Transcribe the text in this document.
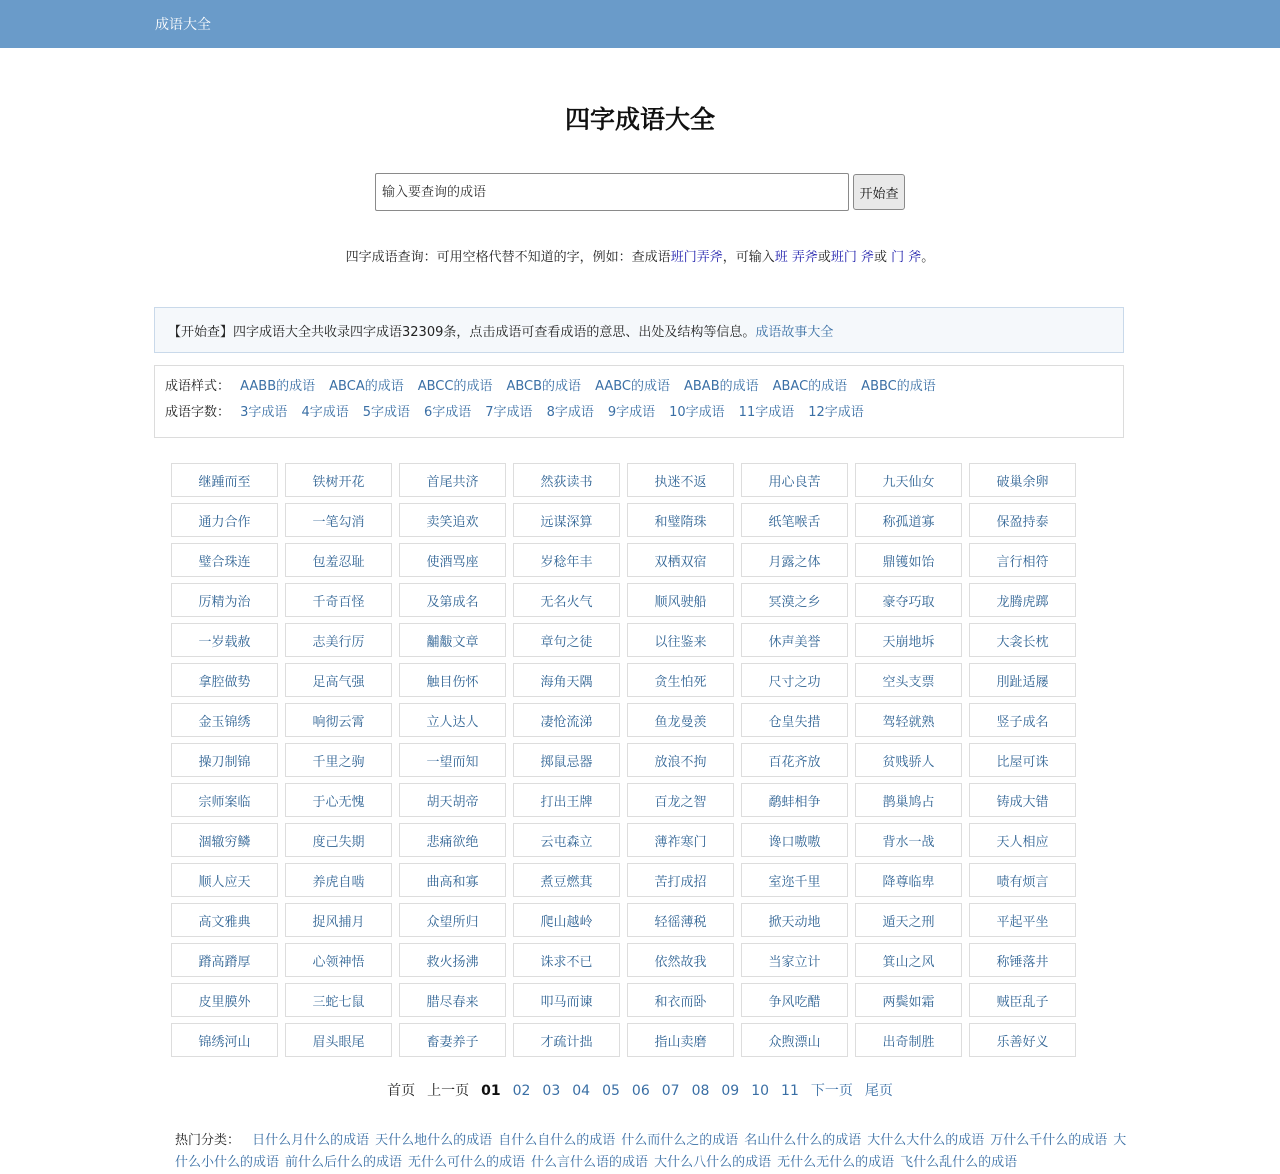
成语大全
四字成语大全
输入要查询的成语
开始查
四字成语查询：可用空格代替不知道的字，例如：查成语班门弄斧，可输入班 弄斧或班门 斧或 门 斧。
【开始查】四字成语大全共收录四字成语32309条，点击成语可查看成语的意思、出处及结构等信息。 成语故事大全
成语样式： AABB的成语 ABCA的成语 ABCC的成语 ABCB的成语 AABC的成语 ABAB的成语 ABAC的成语 ABBC的成语
成语字数： 3字成语 4字成语 5字成语 6字成语 7字成语 8字成语 9字成语 10字成语 11字成语 12字成语
继踵而至	铁树开花	首尾共济	然荻读书	执迷不返	用心良苦	九天仙女	破巢余卵
通力合作	一笔勾消	卖笑追欢	远谋深算	和璧隋珠	纸笔喉舌	称孤道寡	保盈持泰
璧合珠连	包羞忍耻	使酒骂座	岁稔年丰	双栖双宿	月露之体	鼎镬如饴	言行相符
厉精为治	千奇百怪	及第成名	无名火气	顺风驶船	冥漠之乡	豪夺巧取	龙腾虎踯
一岁载赦	志美行厉	黼黻文章	章句之徒	以往鉴来	休声美誉	天崩地坼	大衾长枕
拿腔做势	足高气强	触目伤怀	海角天隅	贪生怕死	尺寸之功	空头支票	刖趾适屦
金玉锦绣	响彻云霄	立人达人	凄怆流涕	鱼龙曼羡	仓皇失措	驾轻就熟	竖子成名
操刀制锦	千里之驹	一望而知	掷鼠忌器	放浪不拘	百花齐放	贫贱骄人	比屋可诛
宗师案临	于心无愧	胡天胡帝	打出王牌	百龙之智	鹬蚌相争	鹊巢鸠占	铸成大错
涸辙穷鳞	度己失期	悲痛欲绝	云屯森立	薄祚寒门	谗口嗷嗷	背水一战	天人相应
顺人应天	养虎自啮	曲高和寡	煮豆燃萁	苦打成招	室迩千里	降尊临卑	啧有烦言
高文雅典	捉风捕月	众望所归	爬山越岭	轻徭薄税	掀天动地	遁天之刑	平起平坐
蹐高蹐厚	心领神悟	救火扬沸	诛求不已	依然故我	当家立计	箕山之风	称锤落井
皮里膜外	三蛇七鼠	腊尽春来	叩马而谏	和衣而卧	争风吃醋	两鬓如霜	贼臣乱子
锦绣河山	眉头眼尾	畜妻养子	才疏计拙	指山卖磨	众煦漂山	出奇制胜	乐善好义
首页 上一页 01 02 03 04 05 06 07 08 09 10 11 下一页 尾页
热门分类： 日什么月什么的成语 天什么地什么的成语 自什么自什么的成语 什么而什么之的成语 名山什么什么的成语 大什么大什么的成语 万什么千什么的成语 大什么小什么的成语 前什么后什么的成语 无什么可什么的成语 什么言什么语的成语 大什么八什么的成语 无什么无什么的成语 飞什么乱什么的成语
